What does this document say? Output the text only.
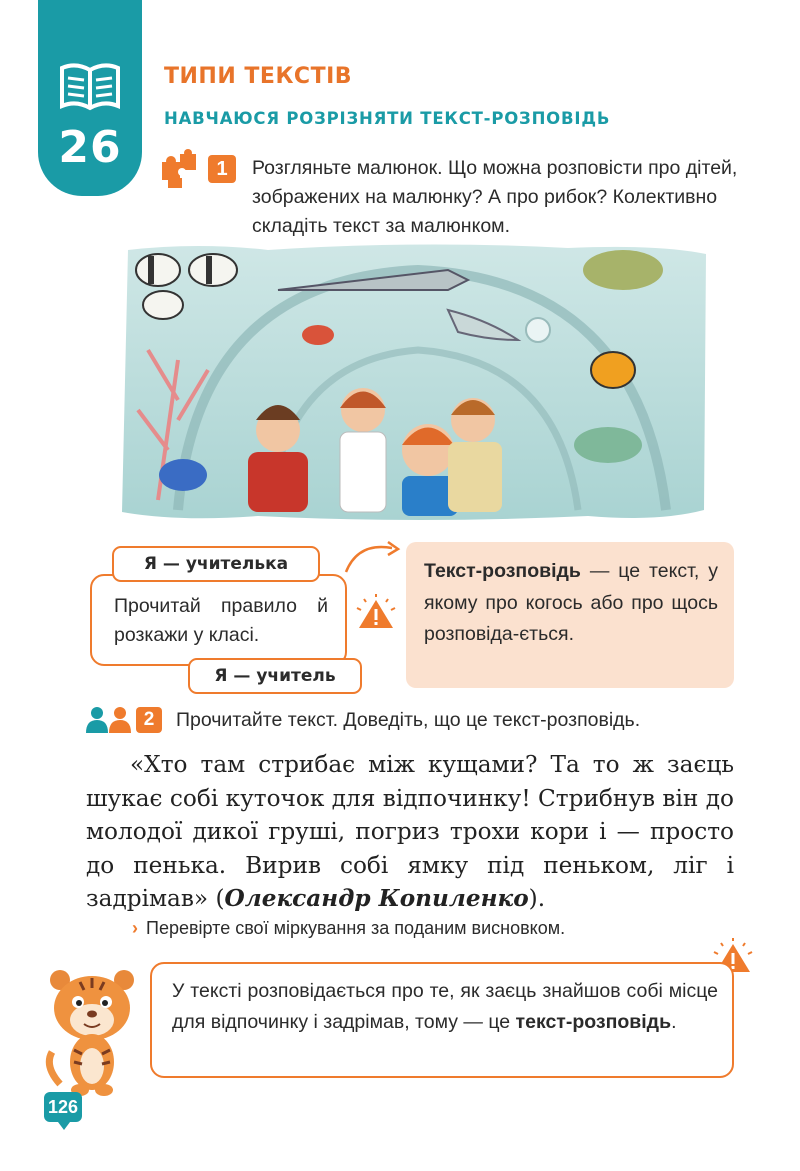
26
ТИПИ ТЕКСТІВ
НАВЧАЮСЯ РОЗРІЗНЯТИ ТЕКСТ-РОЗПОВІДЬ
1	Розгляньте малюнок. Що можна розповісти про дітей, зображених на малюнку? А про рибок? Колективно складіть текст за малюнком.
Прочитай правило й розкажи у класі.
Я — учителька
Я — учитель
Текст-розповідь — це текст, у якому про когось або про щось розповіда-ється.
2	Прочитайте текст. Доведіть, що це текст-розповідь.
«Хто там стрибає між кущами? Та то ж заєць шукає собі куточок для відпочинку! Стрибнув він до молодої дикої груші, погриз трохи кори і — просто до пенька. Вирив собі ямку під пеньком, ліг і задрімав» (Олександр Копиленко).
› Перевірте свої міркування за поданим висновком.
У тексті розповідається про те, як заєць знайшов собі місце для відпочинку і задрімав, тому — це текст-розповідь.
126
